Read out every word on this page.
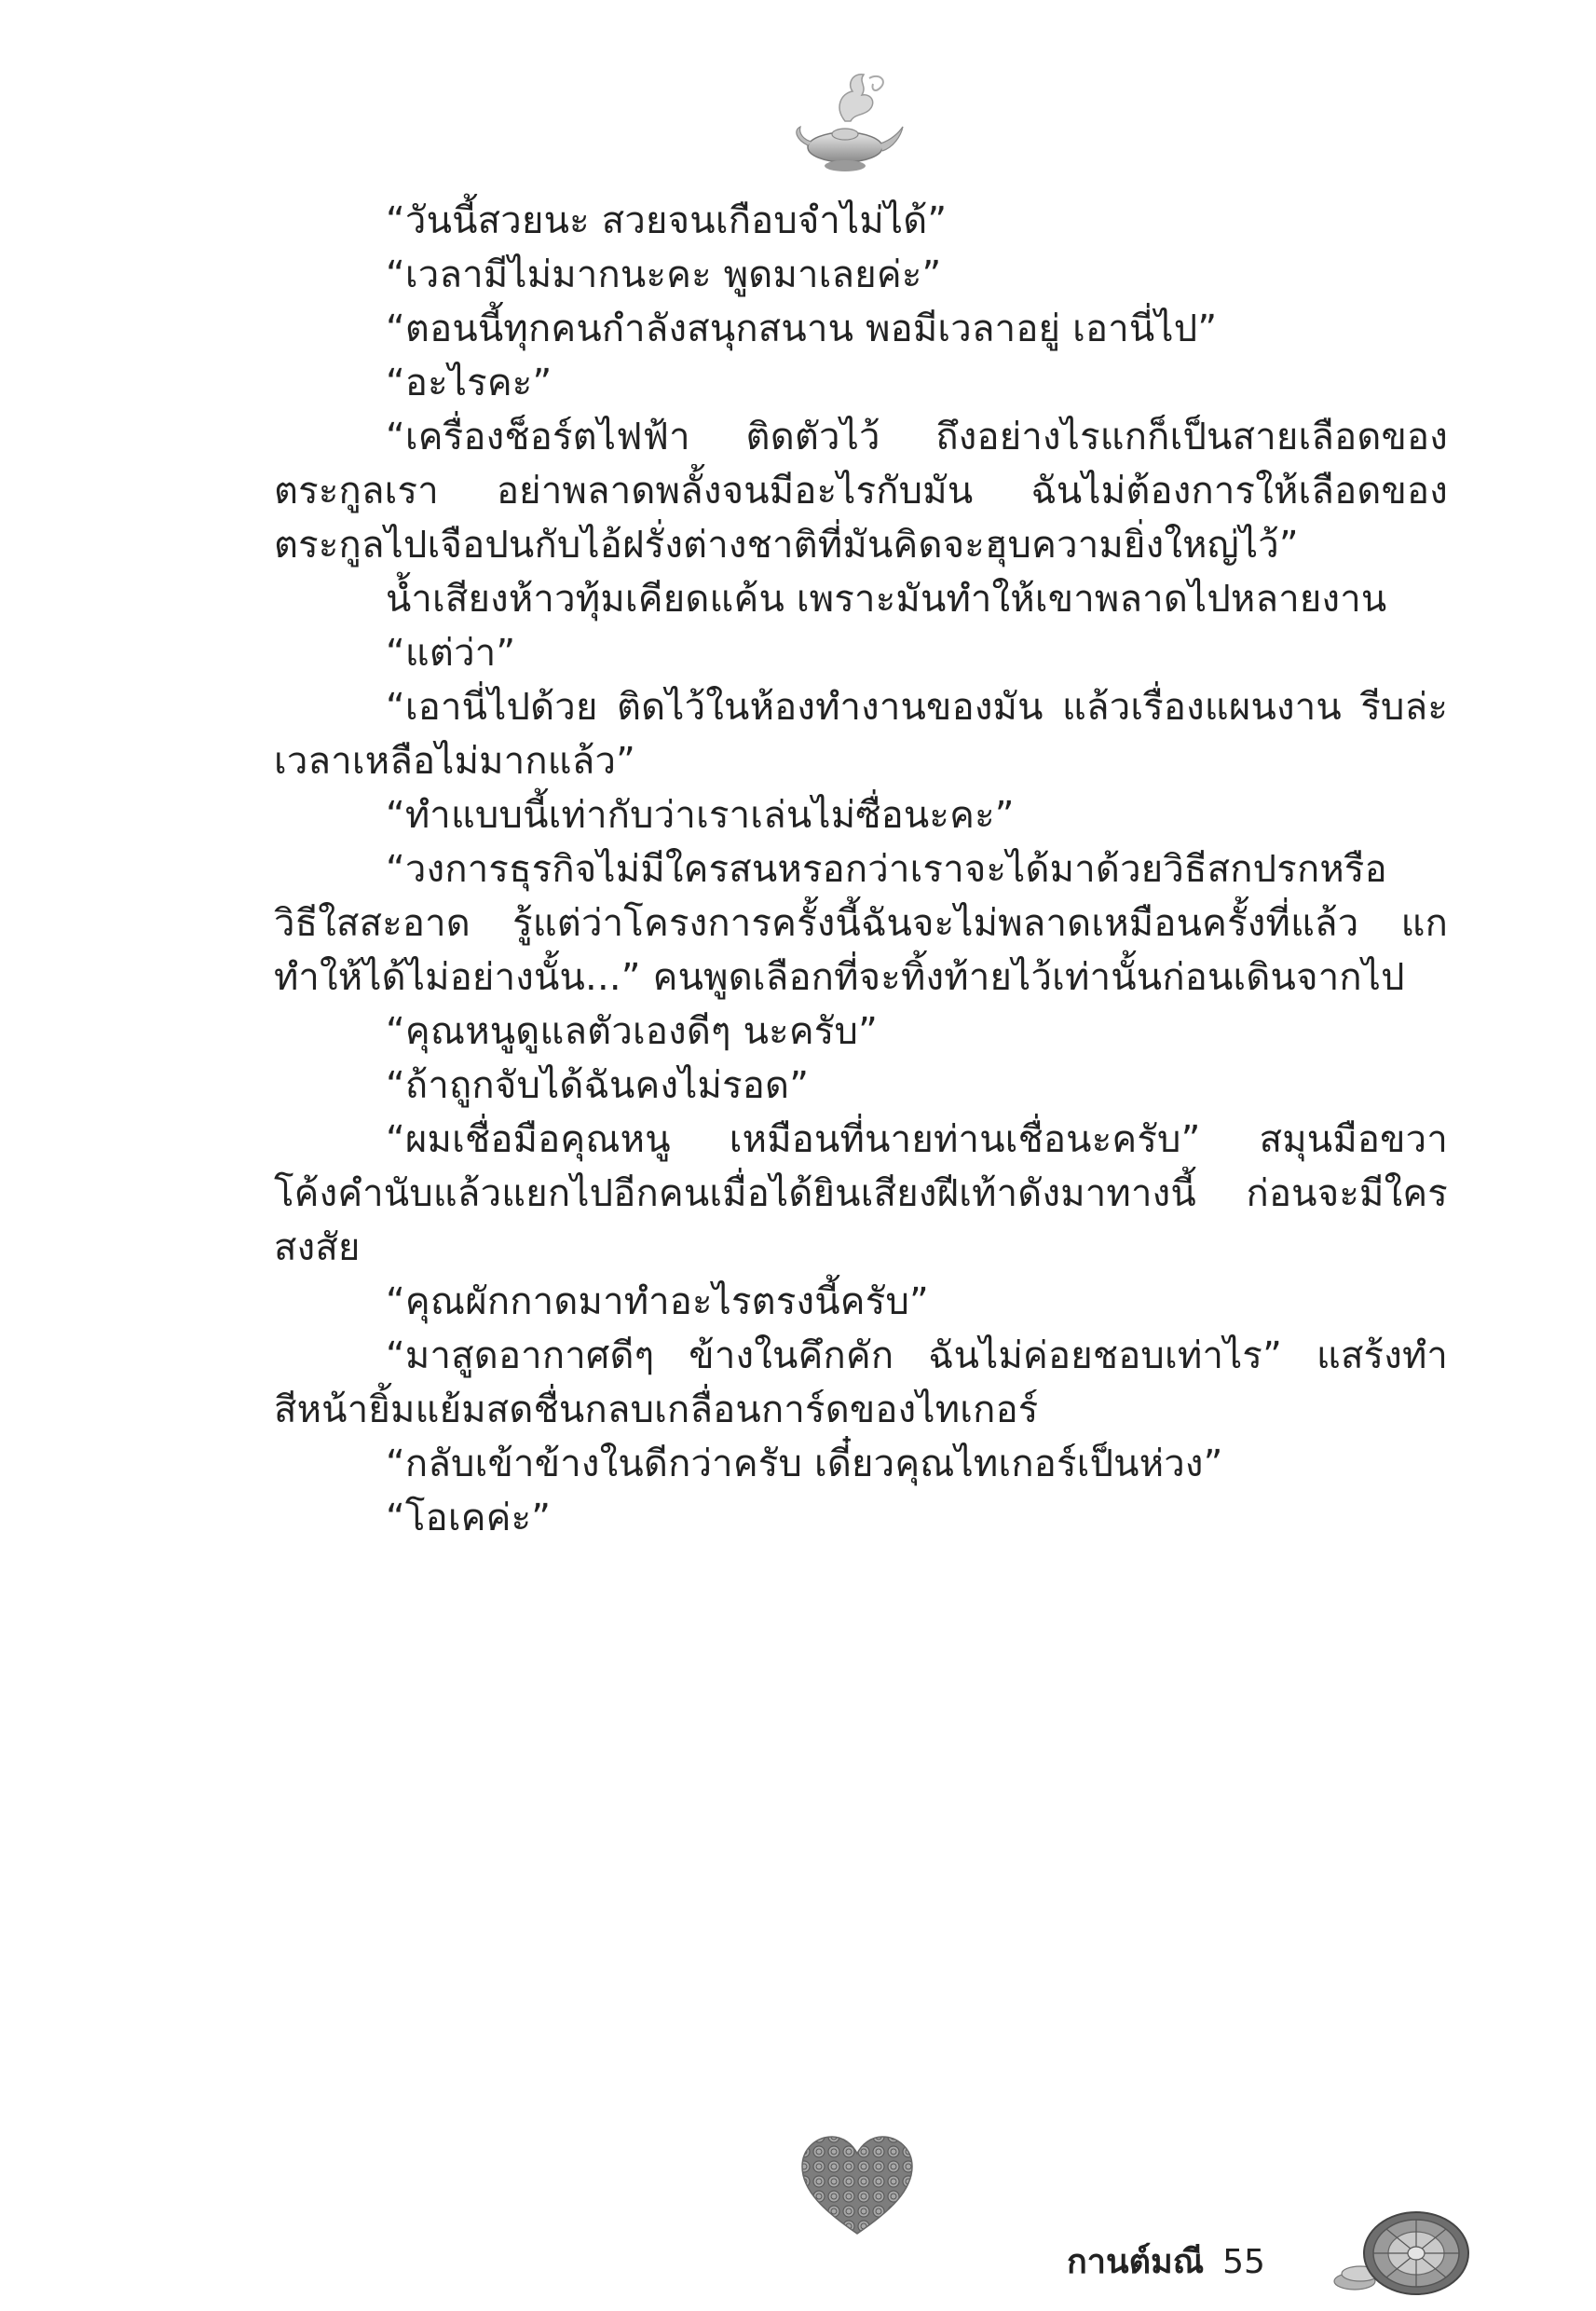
“วันนี้สวยนะ สวยจนเกือบจำไม่ได้”
“เวลามีไม่มากนะคะ พูดมาเลยค่ะ”
“ตอนนี้ทุกคนกำลังสนุกสนาน พอมีเวลาอยู่ เอานี่ไป”
“อะไรคะ”
“เครื่องช็อร์ตไฟฟ้า ติดตัวไว้ ถึงอย่างไรแกก็เป็นสายเลือดของ
ตระกูลเรา อย่าพลาดพลั้งจนมีอะไรกับมัน ฉันไม่ต้องการให้เลือดของ
ตระกูลไปเจือปนกับไอ้ฝรั่งต่างชาติที่มันคิดจะฮุบความยิ่งใหญ่ไว้”
น้ำเสียงห้าวทุ้มเคียดแค้น เพราะมันทำให้เขาพลาดไปหลายงาน
“แต่ว่า”
“เอานี่ไปด้วย ติดไว้ในห้องทำงานของมัน แล้วเรื่องแผนงาน รีบล่ะ
เวลาเหลือไม่มากแล้ว”
“ทำแบบนี้เท่ากับว่าเราเล่นไม่ซื่อนะคะ”
“วงการธุรกิจไม่มีใครสนหรอกว่าเราจะได้มาด้วยวิธีสกปรกหรือ
วิธีใสสะอาด รู้แต่ว่าโครงการครั้งนี้ฉันจะไม่พลาดเหมือนครั้งที่แล้ว แก
ทำให้ได้ไม่อย่างนั้น...” คนพูดเลือกที่จะทิ้งท้ายไว้เท่านั้นก่อนเดินจากไป
“คุณหนูดูแลตัวเองดีๆ นะครับ”
“ถ้าถูกจับได้ฉันคงไม่รอด”
“ผมเชื่อมือคุณหนู เหมือนที่นายท่านเชื่อนะครับ” สมุนมือขวา
โค้งคำนับแล้วแยกไปอีกคนเมื่อได้ยินเสียงฝีเท้าดังมาทางนี้ ก่อนจะมีใคร
สงสัย
“คุณผักกาดมาทำอะไรตรงนี้ครับ”
“มาสูดอากาศดีๆ ข้างในคึกคัก ฉันไม่ค่อยชอบเท่าไร” แสร้งทำ
สีหน้ายิ้มแย้มสดชื่นกลบเกลื่อนการ์ดของไทเกอร์
“กลับเข้าข้างในดีกว่าครับ เดี๋ยวคุณไทเกอร์เป็นห่วง”
“โอเคค่ะ”
กานต์มณี 55
